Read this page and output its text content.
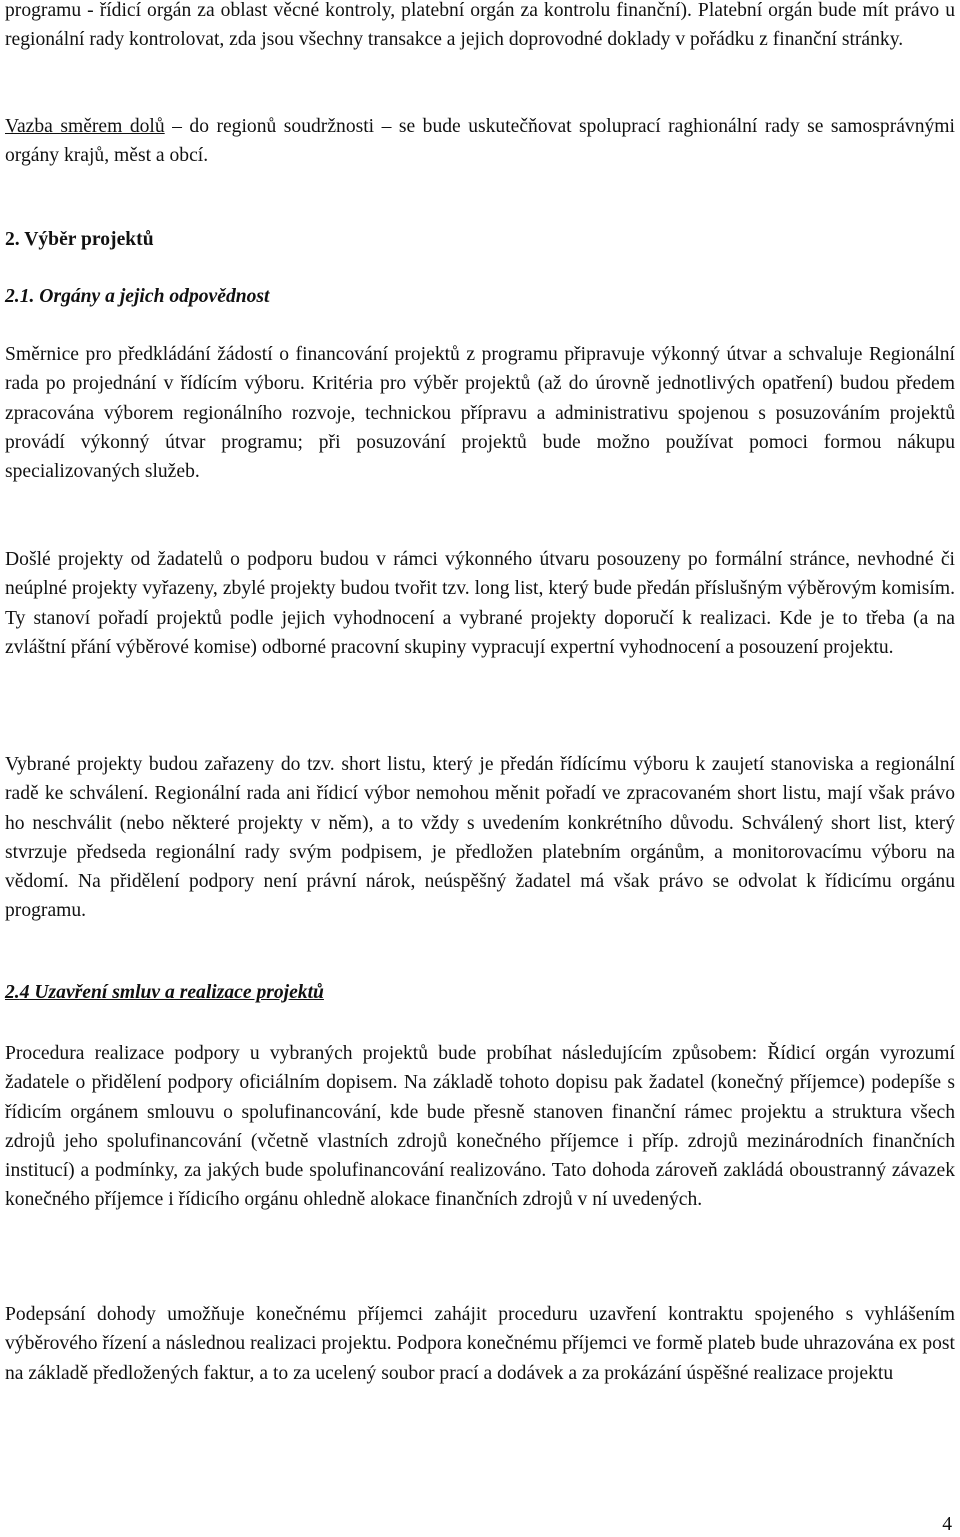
programu - řídicí orgán za oblast věcné kontroly, platební orgán za kontrolu finanční). Platební orgán bude mít právo u regionální rady kontrolovat, zda jsou všechny transakce a jejich doprovodné doklady v pořádku z finanční stránky.

Vazba směrem dolů – do regionů soudržnosti – se bude uskutečňovat spoluprací raghionální rady se samosprávnými orgány krajů, měst a obcí.

2. Výběr projektů
2.1. Orgány a jejich odpovědnost

Směrnice pro předkládání žádostí o financování projektů z programu připravuje výkonný útvar a schvaluje Regionální rada po projednání v řídícím výboru. Kritéria pro výběr projektů (až do úrovně jednotlivých opatření) budou předem zpracována výborem regionálního rozvoje, technickou přípravu a administrativu spojenou s posuzováním projektů provádí výkonný útvar programu; při posuzování projektů bude možno používat pomoci formou nákupu specializovaných služeb.

Došlé projekty od žadatelů o podporu budou v rámci výkonného útvaru posouzeny po formální stránce, nevhodné či neúplné projekty vyřazeny, zbylé projekty budou tvořit tzv. long list, který bude předán příslušným výběrovým komisím. Ty stanoví pořadí projektů podle jejich vyhodnocení a vybrané projekty doporučí k realizaci. Kde je to třeba (a na zvláštní přání výběrové komise) odborné pracovní skupiny vypracují expertní vyhodnocení a posouzení projektu.

Vybrané projekty budou zařazeny do tzv. short listu, který je předán řídícímu výboru k zaujetí stanoviska a regionální radě ke schválení. Regionální rada ani řídicí výbor nemohou měnit pořadí ve zpracovaném short listu, mají však právo ho neschválit (nebo některé projekty v něm), a to vždy s uvedením konkrétního důvodu. Schválený short list, který stvrzuje předseda regionální rady svým podpisem, je předložen platebním orgánům, a monitorovacímu výboru na vědomí. Na přidělení podpory není právní nárok, neúspěšný žadatel má však právo se odvolat k řídicímu orgánu programu.

2.4 Uzavření smluv a realizace projektů

Procedura realizace podpory u vybraných projektů bude probíhat následujícím způsobem: Řídicí orgán vyrozumí žadatele o přidělení podpory oficiálním dopisem. Na základě tohoto dopisu pak žadatel (konečný příjemce) podepíše s řídicím orgánem smlouvu o spolufinancování, kde bude přesně stanoven finanční rámec projektu a struktura všech zdrojů jeho spolufinancování (včetně vlastních zdrojů konečného příjemce i příp. zdrojů mezinárodních finančních institucí) a podmínky, za jakých bude spolufinancování realizováno. Tato dohoda zároveň zakládá oboustranný závazek konečného příjemce i řídicího orgánu ohledně alokace finančních zdrojů v ní uvedených.

Podepsání dohody umožňuje konečnému příjemci zahájit proceduru uzavření kontraktu spojeného s vyhlášením výběrového řízení a následnou realizaci projektu. Podpora konečnému příjemci ve formě plateb bude uhrazována ex post na základě předložených faktur, a to za ucelený soubor prací a dodávek a za prokázání úspěšné realizace projektu

4
